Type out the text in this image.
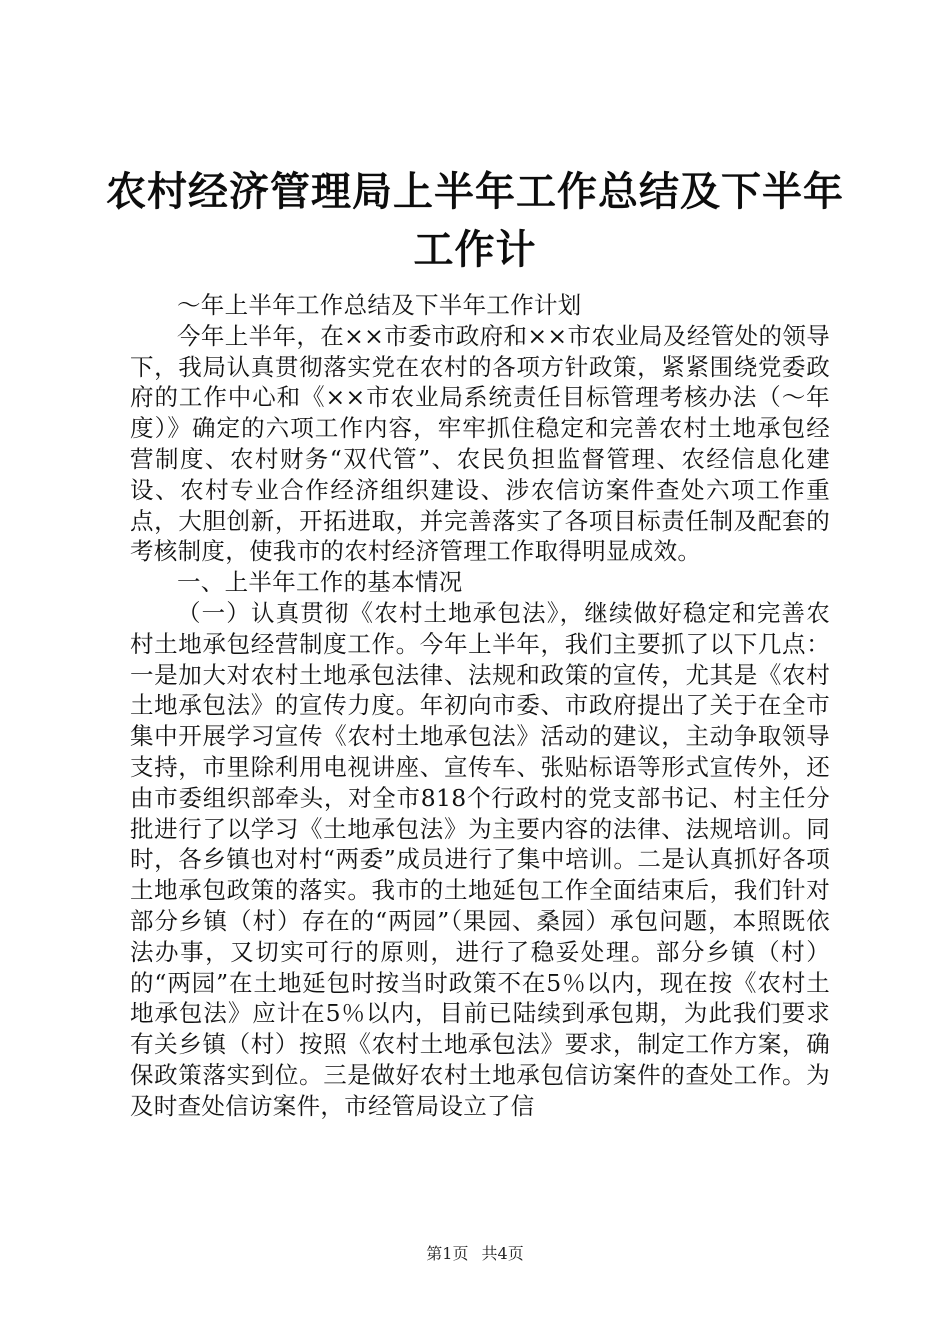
农村经济管理局上半年工作总结及下半年工作计

～年上半年工作总结及下半年工作计划

今年上半年，在××市委市政府和××市农业局及经管处的领导下，我局认真贯彻落实党在农村的各项方针政策，紧紧围绕党委政府的工作中心和《××市农业局系统责任目标管理考核办法（～年度）》确定的六项工作内容，牢牢抓住稳定和完善农村土地承包经营制度、农村财务“双代管”、农民负担监督管理、农经信息化建设、农村专业合作经济组织建设、涉农信访案件查处六项工作重点，大胆创新，开拓进取，并完善落实了各项目标责任制及配套的考核制度，使我市的农村经济管理工作取得明显成效。

一、上半年工作的基本情况

（一）认真贯彻《农村土地承包法》，继续做好稳定和完善农村土地承包经营制度工作。今年上半年，我们主要抓了以下几点：一是加大对农村土地承包法律、法规和政策的宣传，尤其是《农村土地承包法》的宣传力度。年初向市委、市政府提出了关于在全市集中开展学习宣传《农村土地承包法》活动的建议，主动争取领导支持，市里除利用电视讲座、宣传车、张贴标语等形式宣传外，还由市委组织部牵头，对全市818个行政村的党支部书记、村主任分批进行了以学习《土地承包法》为主要内容的法律、法规培训。同时，各乡镇也对村“两委”成员进行了集中培训。二是认真抓好各项土地承包政策的落实。我市的土地延包工作全面结束后，我们针对部分乡镇（村）存在的“两园”（果园、桑园）承包问题，本照既依法办事，又切实可行的原则，进行了稳妥处理。部分乡镇（村）的“两园”在土地延包时按当时政策不在5％以内，现在按《农村土地承包法》应计在5％以内，目前已陆续到承包期，为此我们要求有关乡镇（村）按照《农村土地承包法》要求，制定工作方案，确保政策落实到位。三是做好农村土地承包信访案件的查处工作。为及时查处信访案件，市经管局设立了信

第1页 共4页
